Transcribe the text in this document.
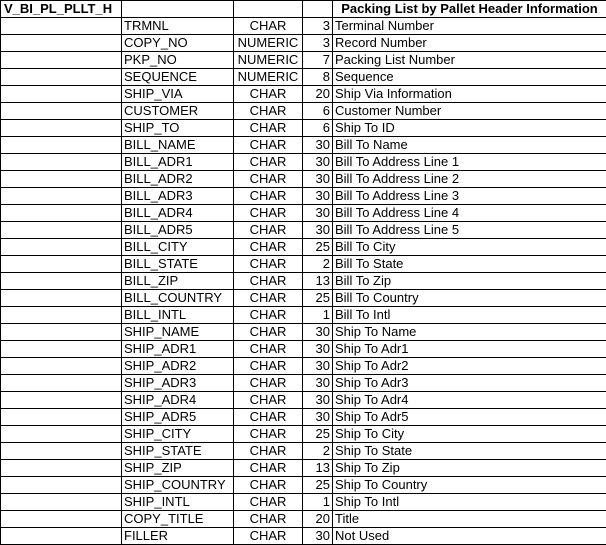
V_BI_PL_PLLT_H				Packing List by Pallet Header Information
	TRMNL	CHAR	3	Terminal Number
	COPY_NO	NUMERIC	3	Record Number
	PKP_NO	NUMERIC	7	Packing List Number
	SEQUENCE	NUMERIC	8	Sequence
	SHIP_VIA	CHAR	20	Ship Via Information
	CUSTOMER	CHAR	6	Customer Number
	SHIP_TO	CHAR	6	Ship To ID
	BILL_NAME	CHAR	30	Bill To Name
	BILL_ADR1	CHAR	30	Bill To Address Line 1
	BILL_ADR2	CHAR	30	Bill To Address Line 2
	BILL_ADR3	CHAR	30	Bill To Address Line 3
	BILL_ADR4	CHAR	30	Bill To Address Line 4
	BILL_ADR5	CHAR	30	Bill To Address Line 5
	BILL_CITY	CHAR	25	Bill To City
	BILL_STATE	CHAR	2	Bill To State
	BILL_ZIP	CHAR	13	Bill To Zip
	BILL_COUNTRY	CHAR	25	Bill To Country
	BILL_INTL	CHAR	1	Bill To Intl
	SHIP_NAME	CHAR	30	Ship To Name
	SHIP_ADR1	CHAR	30	Ship To Adr1
	SHIP_ADR2	CHAR	30	Ship To Adr2
	SHIP_ADR3	CHAR	30	Ship To Adr3
	SHIP_ADR4	CHAR	30	Ship To Adr4
	SHIP_ADR5	CHAR	30	Ship To Adr5
	SHIP_CITY	CHAR	25	Ship To City
	SHIP_STATE	CHAR	2	Ship To State
	SHIP_ZIP	CHAR	13	Ship To Zip
	SHIP_COUNTRY	CHAR	25	Ship To Country
	SHIP_INTL	CHAR	1	Ship To Intl
	COPY_TITLE	CHAR	20	Title
	FILLER	CHAR	30	Not Used
